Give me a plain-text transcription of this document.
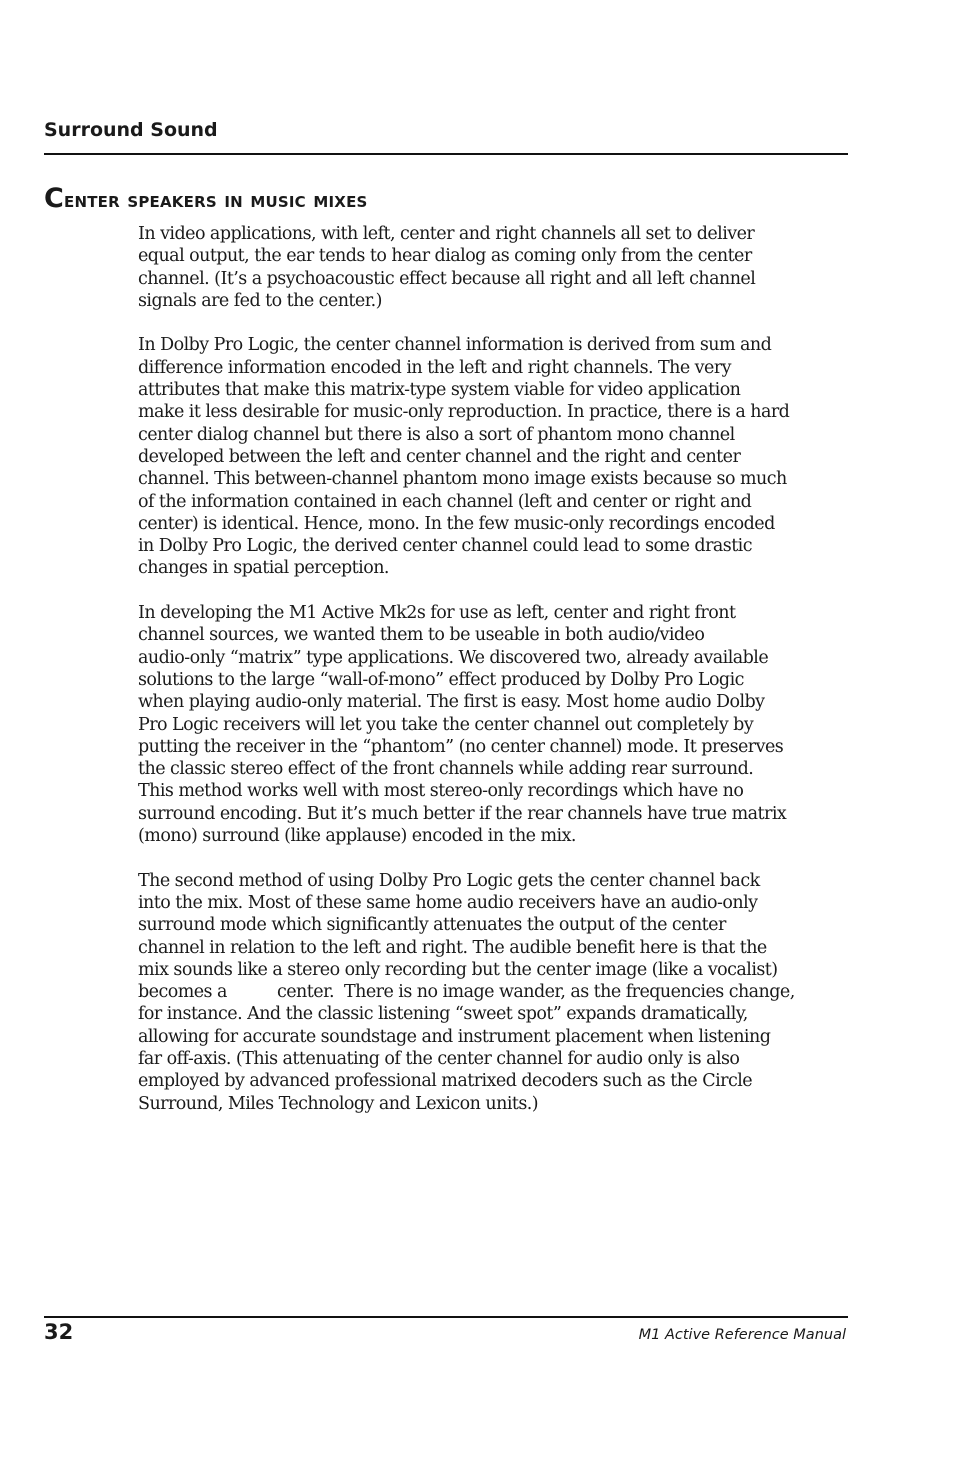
Surround Sound
Center speakers in music mixes

In video applications, with left, center and right channels all set to deliver
equal output, the ear tends to hear dialog as coming only from the center
channel. (It’s a psychoacoustic effect because all right and all left channel
signals are fed to the center.)

In Dolby Pro Logic, the center channel information is derived from sum and
difference information encoded in the left and right channels. The very
attributes that make this matrix-type system viable for video application
make it less desirable for music-only reproduction. In practice, there is a hard
center dialog channel but there is also a sort of phantom mono channel
developed between the left and center channel and the right and center
channel. This between-channel phantom mono image exists because so much
of the information contained in each channel (left and center or right and
center) is identical. Hence, mono. In the few music-only recordings encoded
in Dolby Pro Logic, the derived center channel could lead to some drastic
changes in spatial perception.

In developing the M1 Active Mk2s for use as left, center and right front
channel sources, we wanted them to be useable in both audio/video
audio-only “matrix” type applications. We discovered two, already available
solutions to the large “wall-of-mono” effect produced by Dolby Pro Logic
when playing audio-only material. The first is easy. Most home audio Dolby
Pro Logic receivers will let you take the center channel out completely by
putting the receiver in the “phantom” (no center channel) mode. It preserves
the classic stereo effect of the front channels while adding rear surround.
This method works well with most stereo-only recordings which have no
surround encoding. But it’s much better if the rear channels have true matrix
(mono) surround (like applause) encoded in the mix.

The second method of using Dolby Pro Logic gets the center channel back
into the mix. Most of these same home audio receivers have an audio-only
surround mode which significantly attenuates the output of the center
channel in relation to the left and right. The audible benefit here is that the
mix sounds like a stereo only recording but the center image (like a vocalist)
becomes a          center.  There is no image wander, as the frequencies change,
for instance. And the classic listening “sweet spot” expands dramatically,
allowing for accurate soundstage and instrument placement when listening
far off-axis. (This attenuating of the center channel for audio only is also
employed by advanced professional matrixed decoders such as the Circle
Surround, Miles Technology and Lexicon units.)

32	M1 Active Reference Manual
